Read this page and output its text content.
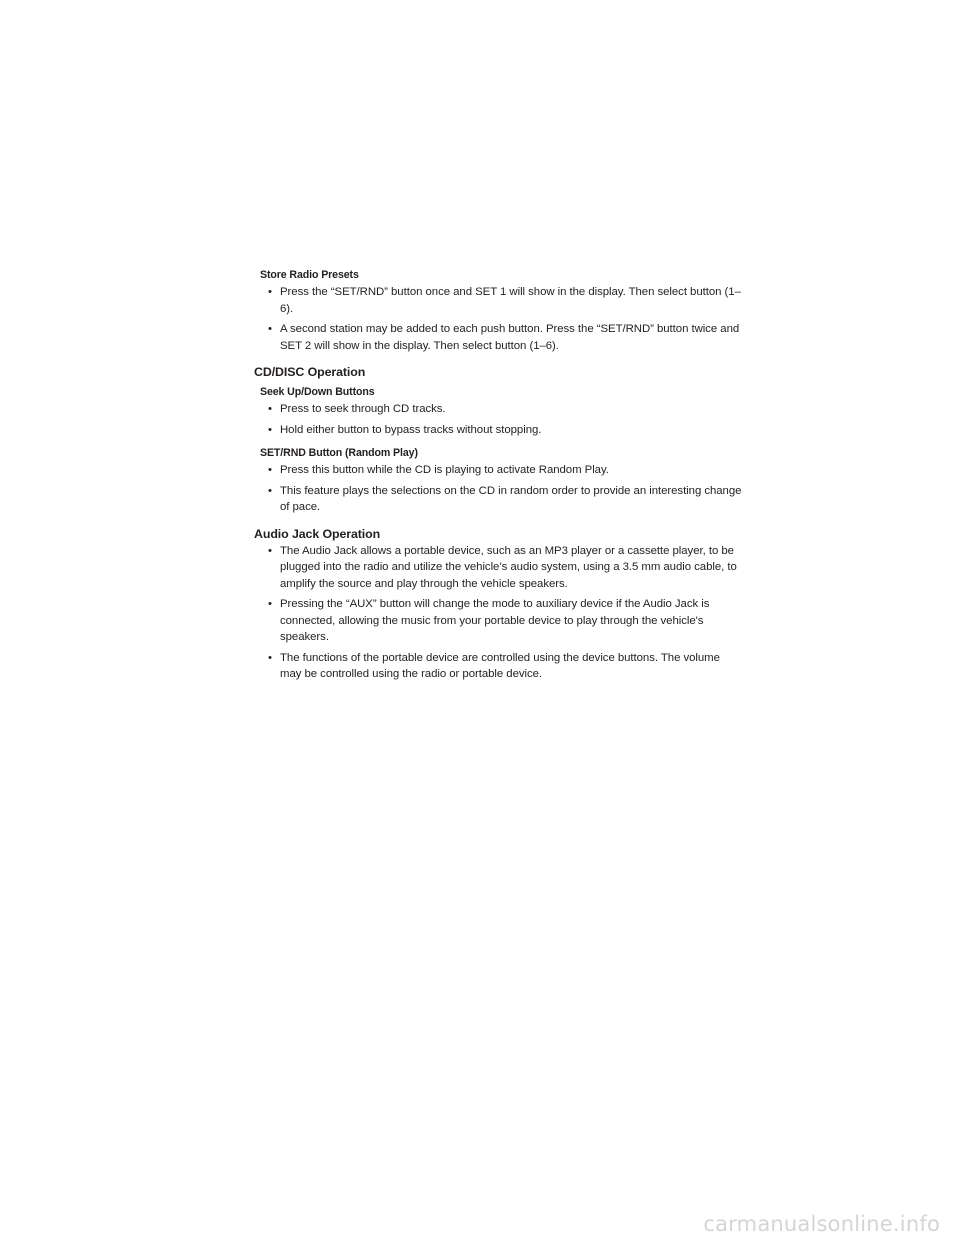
Store Radio Presets
• Press the “SET/RND” button once and SET 1 will show in the display. Then select button (1–6).
• A second station may be added to each push button. Press the “SET/RND” button twice and SET 2 will show in the display. Then select button (1–6).
CD/DISC Operation
Seek Up/Down Buttons
• Press to seek through CD tracks.
• Hold either button to bypass tracks without stopping.
SET/RND Button (Random Play)
• Press this button while the CD is playing to activate Random Play.
• This feature plays the selections on the CD in random order to provide an interesting change of pace.
Audio Jack Operation
• The Audio Jack allows a portable device, such as an MP3 player or a cassette player, to be plugged into the radio and utilize the vehicle’s audio system, using a 3.5 mm audio cable, to amplify the source and play through the vehicle speakers.
• Pressing the “AUX” button will change the mode to auxiliary device if the Audio Jack is connected, allowing the music from your portable device to play through the vehicle's speakers.
• The functions of the portable device are controlled using the device buttons. The volume may be controlled using the radio or portable device.
carmanualsonline.info
